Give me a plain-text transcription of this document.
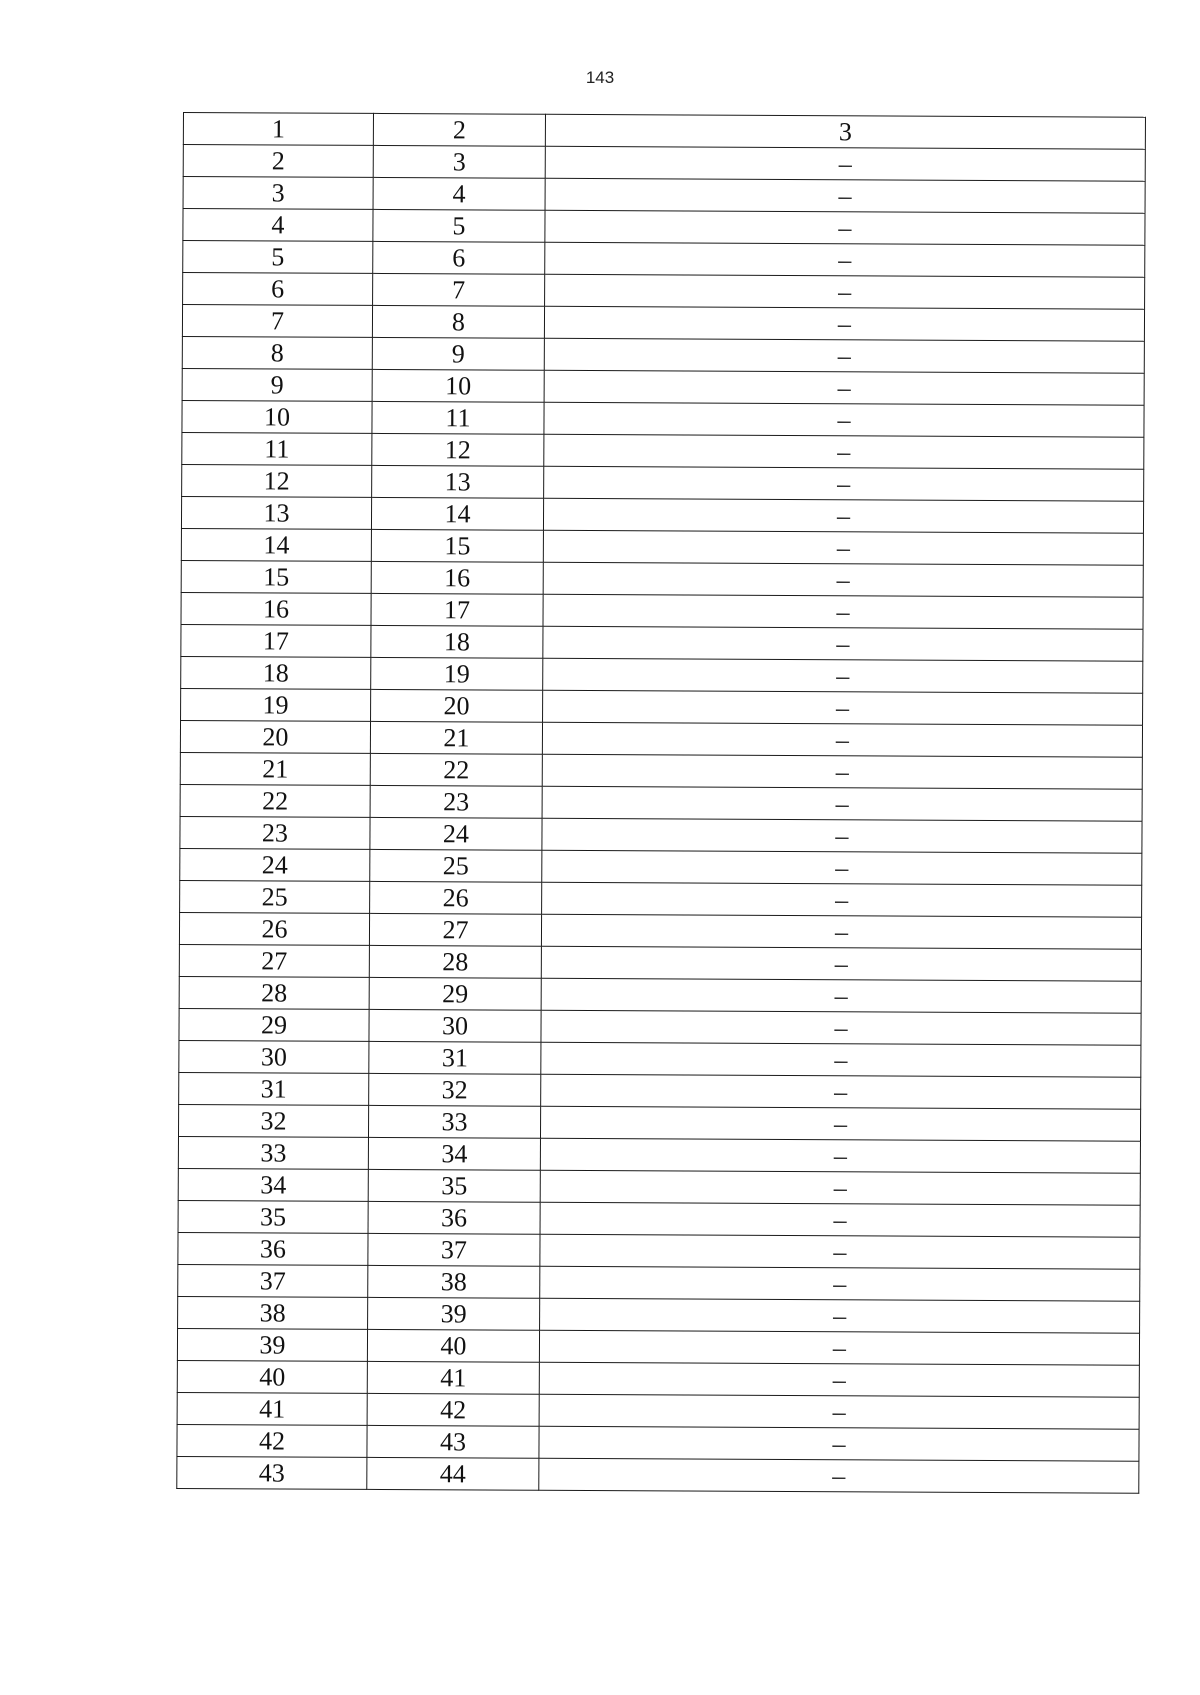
143
1	2	3
2	3	–
3	4	–
4	5	–
5	6	–
6	7	–
7	8	–
8	9	–
9	10	–
10	11	–
11	12	–
12	13	–
13	14	–
14	15	–
15	16	–
16	17	–
17	18	–
18	19	–
19	20	–
20	21	–
21	22	–
22	23	–
23	24	–
24	25	–
25	26	–
26	27	–
27	28	–
28	29	–
29	30	–
30	31	–
31	32	–
32	33	–
33	34	–
34	35	–
35	36	–
36	37	–
37	38	–
38	39	–
39	40	–
40	41	–
41	42	–
42	43	–
43	44	–
